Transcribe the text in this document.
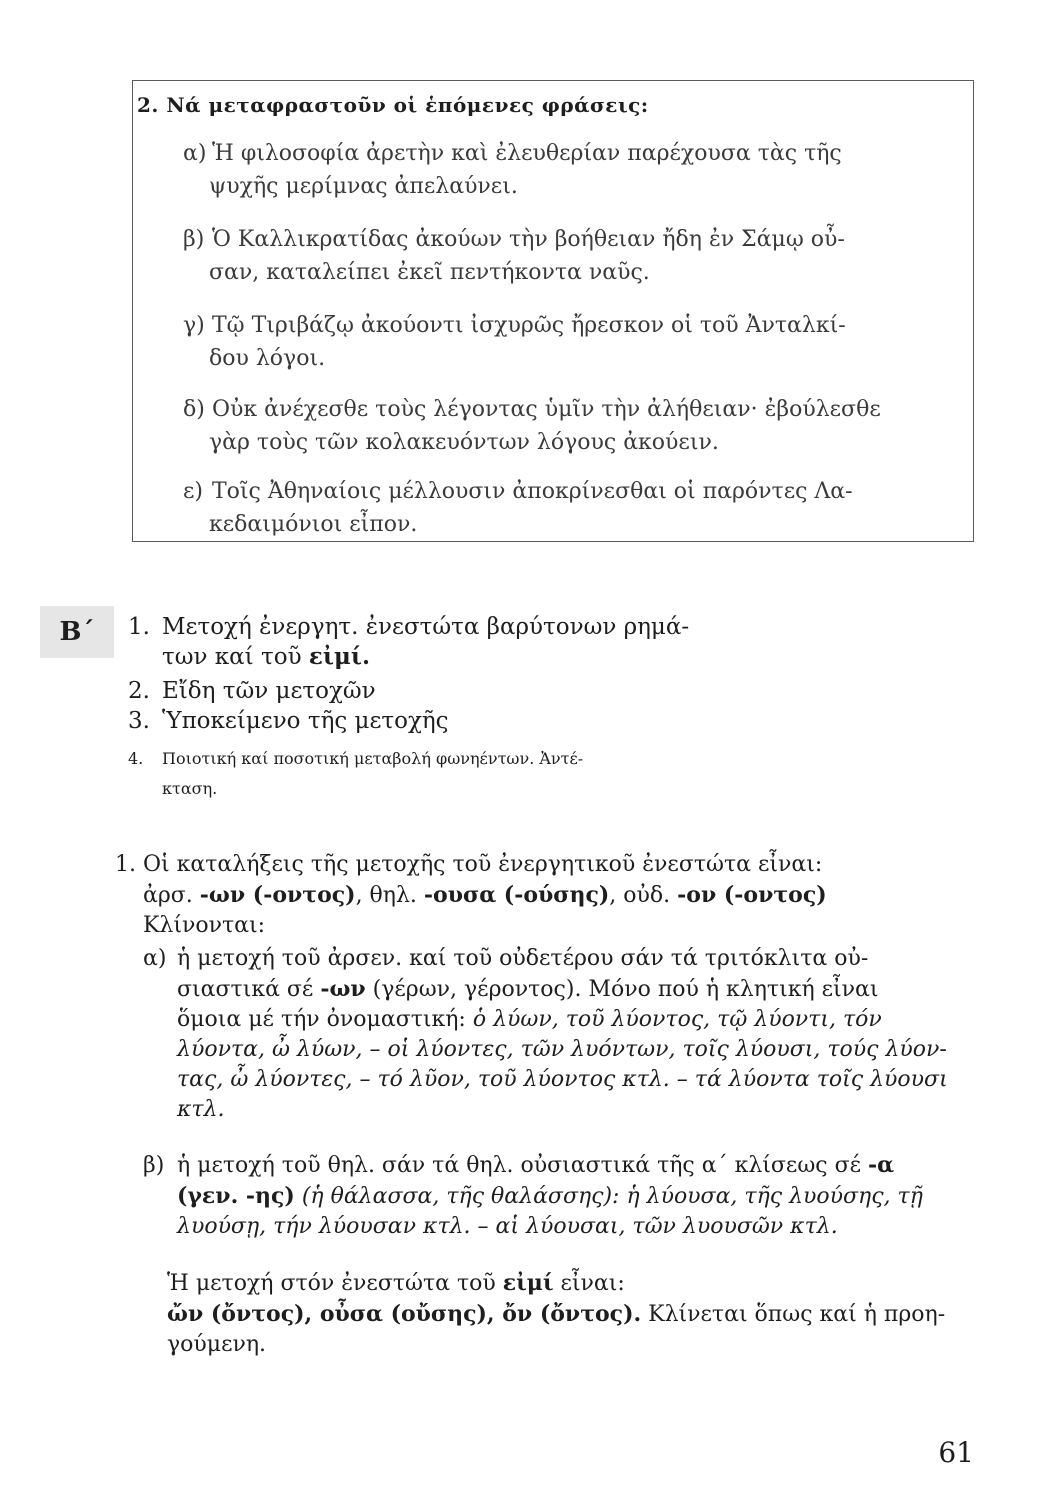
2. Νά μεταφραστοῦν οἱ ἑπόμενες φράσεις:
α) Ἡ φιλοσοφία ἀρετὴν καὶ ἐλευθερίαν παρέχουσα τὰς τῆς
ψυχῆς μερίμνας ἀπελαύνει.
β) Ὁ Καλλικρατίδας ἀκούων τὴν βοήθειαν ἤδη ἐν Σάμῳ οὖ-
σαν, καταλείπει ἐκεῖ πεντήκοντα ναῦς.
γ) Τῷ Τιριβάζῳ ἀκούοντι ἰσχυρῶς ἤρεσκον οἱ τοῦ Ἀνταλκί-
δου λόγοι.
δ) Οὐκ ἀνέχεσθε τοὺς λέγοντας ὑμῖν τὴν ἀλήθειαν· ἐβούλεσθε
γὰρ τοὺς τῶν κολακευόντων λόγους ἀκούειν.
ε) Τοῖς Ἀθηναίοις μέλλουσιν ἀποκρίνεσθαι οἱ παρόντες Λα-
κεδαιμόνιοι εἶπον.
Β΄	1. Μετοχή ἐνεργητ. ἐνεστώτα βαρύτονων ρημά-
των καί τοῦ εἰμί.
2. Εἴδη τῶν μετοχῶν
3. Ὑποκείμενο τῆς μετοχῆς
4. Ποιοτική καί ποσοτική μεταβολή φωνηέντων. Ἀντέ-
κταση.
1. Οἱ καταλήξεις τῆς μετοχῆς τοῦ ἐνεργητικοῦ ἐνεστώτα εἶναι:
ἀρσ. -ων (-οντος), θηλ. -ουσα (-ούσης), οὐδ. -ον (-οντος)
Κλίνονται:
α) ἡ μετοχή τοῦ ἀρσεν. καί τοῦ οὐδετέρου σάν τά τριτόκλιτα οὐ-
σιαστικά σέ -ων (γέρων, γέροντος). Μόνο πού ἡ κλητική εἶναι
ὅμοια μέ τήν ὀνομαστική: ὁ λύων, τοῦ λύοντος, τῷ λύοντι, τόν
λύοντα, ὦ λύων, – οἱ λύοντες, τῶν λυόντων, τοῖς λύουσι, τούς λύον-
τας, ὦ λύοντες, – τό λῦον, τοῦ λύοντος κτλ. – τά λύοντα τοῖς λύουσι
κτλ.
β) ἡ μετοχή τοῦ θηλ. σάν τά θηλ. οὐσιαστικά τῆς α΄ κλίσεως σέ -α
(γεν. -ης) (ἡ θάλασσα, τῆς θαλάσσης): ἡ λύουσα, τῆς λυούσης, τῇ
λυούσῃ, τήν λύουσαν κτλ. – αἱ λύουσαι, τῶν λυουσῶν κτλ.
Ἡ μετοχή στόν ἐνεστώτα τοῦ εἰμί εἶναι:
ὤν (ὄντος), οὖσα (οὔσης), ὄν (ὄντος). Κλίνεται ὅπως καί ἡ προη-
γούμενη.
61
